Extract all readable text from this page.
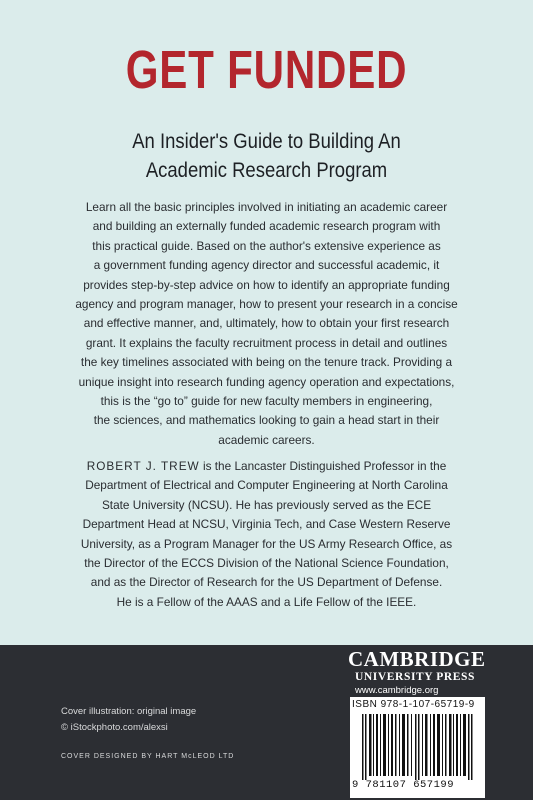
GET FUNDED
An Insider's Guide to Building An
Academic Research Program
Learn all the basic principles involved in initiating an academic career
and building an externally funded academic research program with
this practical guide. Based on the author's extensive experience as
a government funding agency director and successful academic, it
provides step-by-step advice on how to identify an appropriate funding
agency and program manager, how to present your research in a concise
and effective manner, and, ultimately, how to obtain your first research
grant. It explains the faculty recruitment process in detail and outlines
the key timelines associated with being on the tenure track. Providing a
unique insight into research funding agency operation and expectations,
this is the “go to” guide for new faculty members in engineering,
the sciences, and mathematics looking to gain a head start in their
academic careers.
ROBERT J. TREW is the Lancaster Distinguished Professor in the
Department of Electrical and Computer Engineering at North Carolina
State University (NCSU). He has previously served as the ECE
Department Head at NCSU, Virginia Tech, and Case Western Reserve
University, as a Program Manager for the US Army Research Office, as
the Director of the ECCS Division of the National Science Foundation,
and as the Director of Research for the US Department of Defense.
He is a Fellow of the AAAS and a Life Fellow of the IEEE.
CAMBRIDGE
UNIVERSITY PRESS
www.cambridge.org
ISBN 978-1-107-65719-9
9 781107 657199
Cover illustration: original image
© iStockphoto.com/alexsi
COVER DESIGNED BY HART McLEOD LTD
